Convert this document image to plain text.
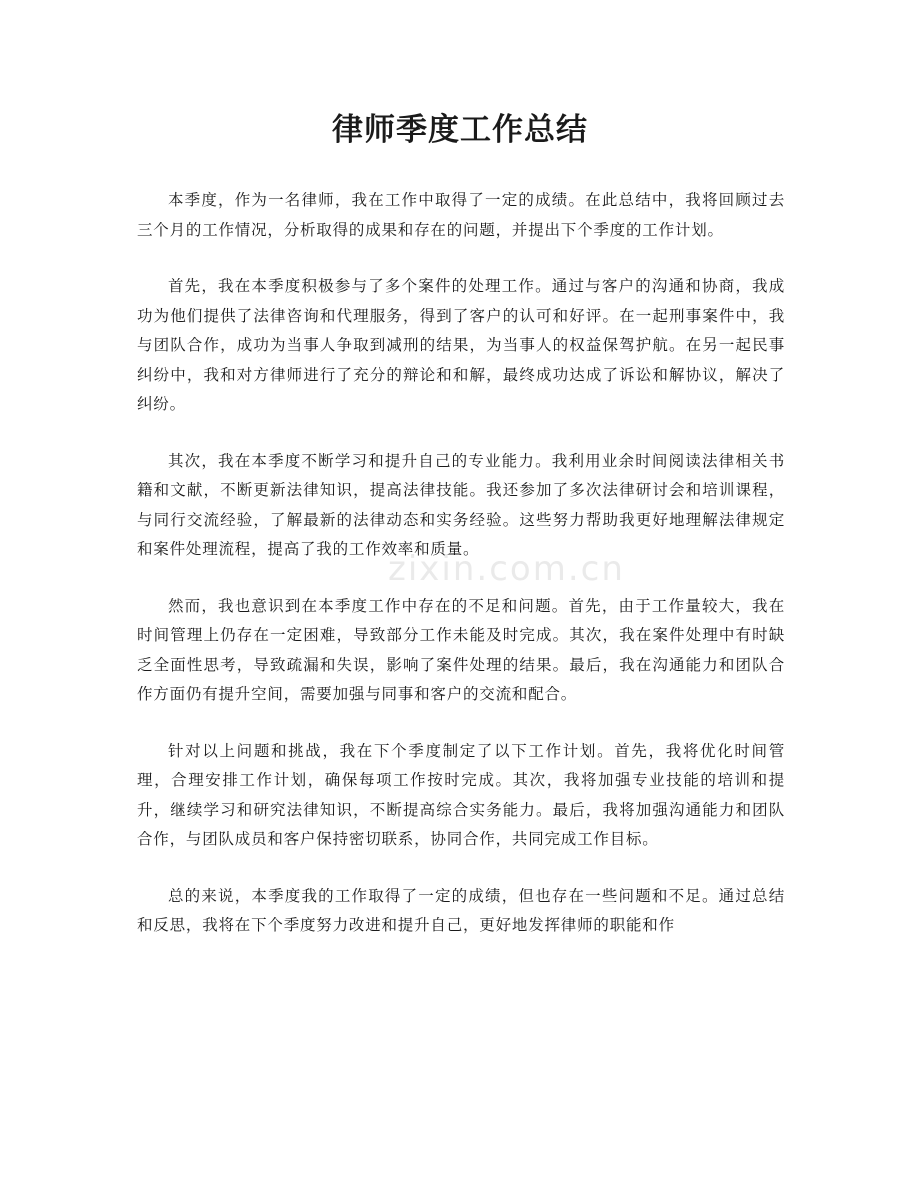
律师季度工作总结

本季度，作为一名律师，我在工作中取得了一定的成绩。在此总结中，我将回顾过去三个月的工作情况，分析取得的成果和存在的问题，并提出下个季度的工作计划。

首先，我在本季度积极参与了多个案件的处理工作。通过与客户的沟通和协商，我成功为他们提供了法律咨询和代理服务，得到了客户的认可和好评。在一起刑事案件中，我与团队合作，成功为当事人争取到减刑的结果，为当事人的权益保驾护航。在另一起民事纠纷中，我和对方律师进行了充分的辩论和和解，最终成功达成了诉讼和解协议，解决了纠纷。

其次，我在本季度不断学习和提升自己的专业能力。我利用业余时间阅读法律相关书籍和文献，不断更新法律知识，提高法律技能。我还参加了多次法律研讨会和培训课程，与同行交流经验，了解最新的法律动态和实务经验。这些努力帮助我更好地理解法律规定和案件处理流程，提高了我的工作效率和质量。

然而，我也意识到在本季度工作中存在的不足和问题。首先，由于工作量较大，我在时间管理上仍存在一定困难，导致部分工作未能及时完成。其次，我在案件处理中有时缺乏全面性思考，导致疏漏和失误，影响了案件处理的结果。最后，我在沟通能力和团队合作方面仍有提升空间，需要加强与同事和客户的交流和配合。

针对以上问题和挑战，我在下个季度制定了以下工作计划。首先，我将优化时间管理，合理安排工作计划，确保每项工作按时完成。其次，我将加强专业技能的培训和提升，继续学习和研究法律知识，不断提高综合实务能力。最后，我将加强沟通能力和团队合作，与团队成员和客户保持密切联系，协同合作，共同完成工作目标。

总的来说，本季度我的工作取得了一定的成绩，但也存在一些问题和不足。通过总结和反思，我将在下个季度努力改进和提升自己，更好地发挥律师的职能和作

zixin.com.cn
